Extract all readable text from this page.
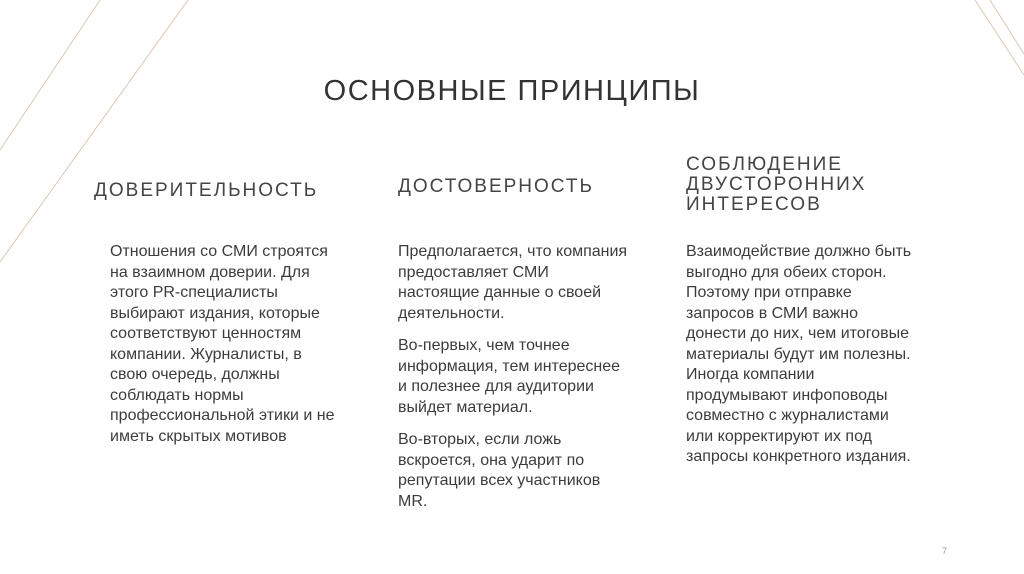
ОСНОВНЫЕ ПРИНЦИПЫ
ДОВЕРИТЕЛЬНОСТЬ

Отношения со СМИ строятся на взаимном доверии. Для этого PR-специалисты выбирают издания, которые соответствуют ценностям компании. Журналисты, в свою очередь, должны соблюдать нормы профессиональной этики и не иметь скрытых мотивов

ДОСТОВЕРНОСТЬ

Предполагается, что компания предоставляет СМИ настоящие данные о своей деятельности.

Во-первых, чем точнее информация, тем интереснее и полезнее для аудитории выйдет материал.

Во-вторых, если ложь вскроется, она ударит по репутации всех участников MR.

СОБЛЮДЕНИЕ ДВУСТОРОННИХ ИНТЕРЕСОВ

Взаимодействие должно быть выгодно для обеих сторон. Поэтому при отправке запросов в СМИ важно донести до них, чем итоговые материалы будут им полезны. Иногда компании продумывают инфоповоды совместно с журналистами или корректируют их под запросы конкретного издания.

7
